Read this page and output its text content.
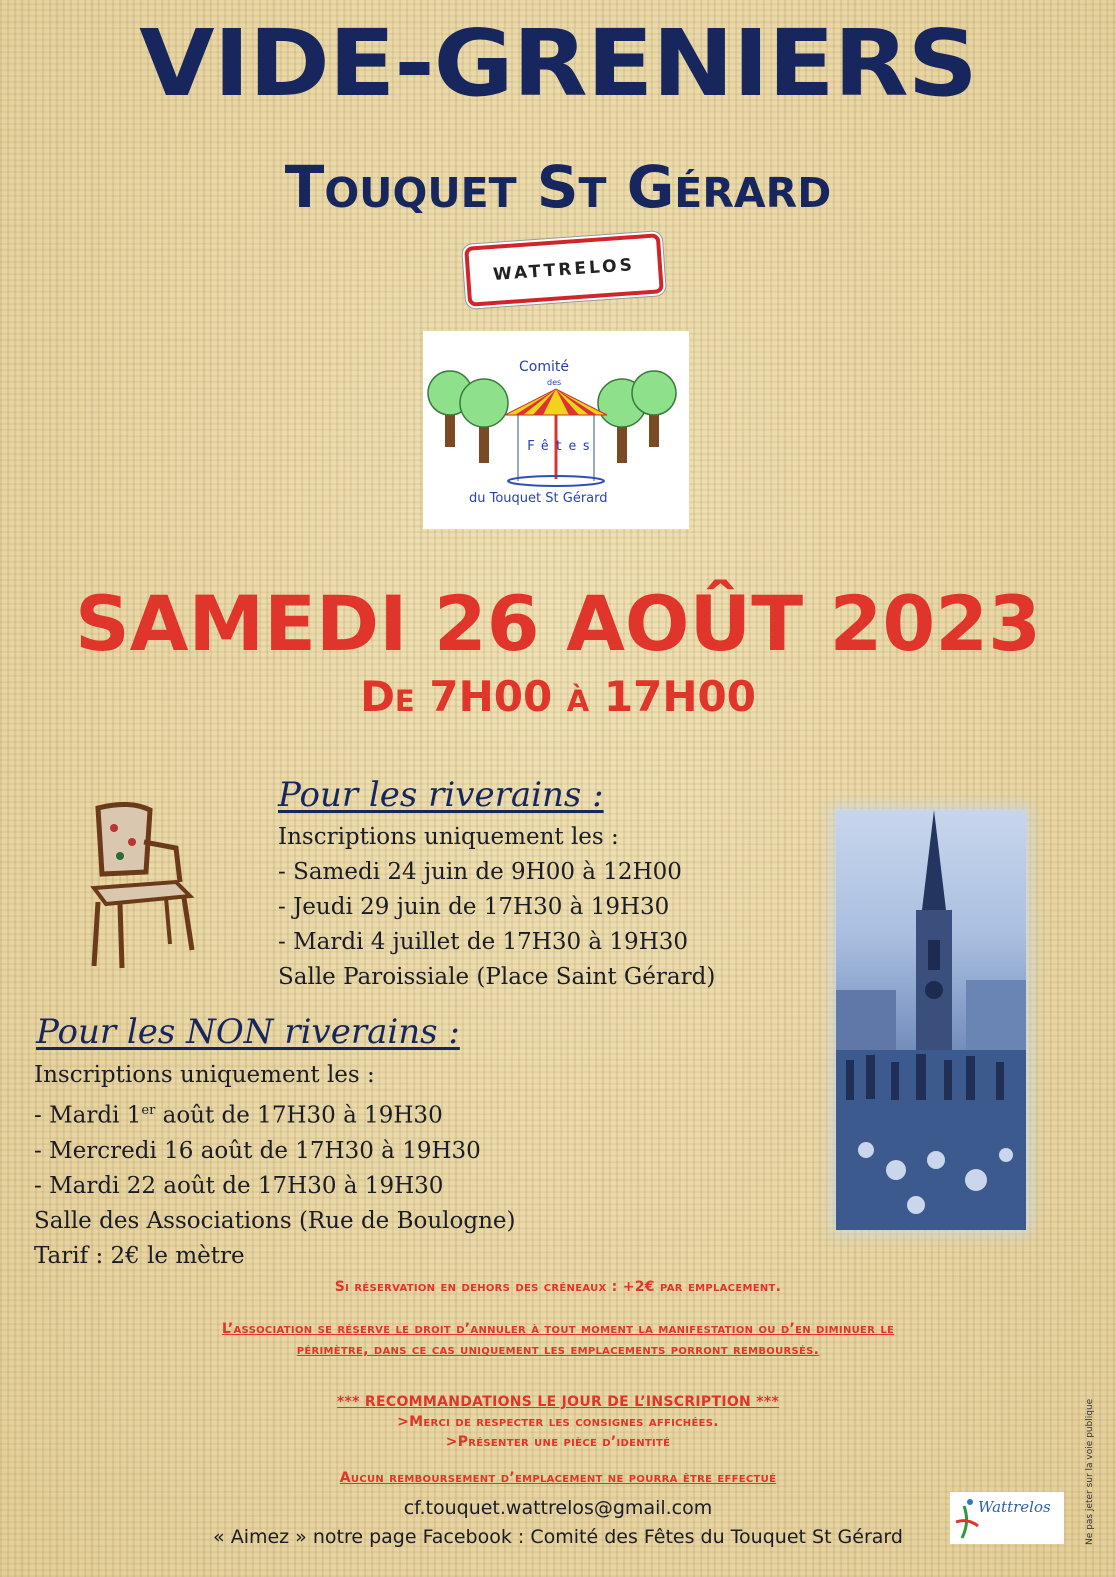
VIDE-GRENIERS
Touquet St Gérard
WATTRELOS
Comité
des
Fêtes
du Touquet St Gérard
SAMEDI 26 AOÛT 2023
De 7H00 à 17H00
Pour les riverains :
Inscriptions uniquement les :
- Samedi 24 juin de 9H00 à 12H00
- Jeudi 29 juin de 17H30 à 19H30
- Mardi 4 juillet de 17H30 à 19H30
Salle Paroissiale (Place Saint Gérard)
Pour les NON riverains :
Inscriptions uniquement les :
- Mardi 1er août de 17H30 à 19H30
- Mercredi 16 août de 17H30 à 19H30
- Mardi 22 août de 17H30 à 19H30
Salle des Associations (Rue de Boulogne)
Tarif : 2€ le mètre
Si réservation en dehors des créneaux : +2€ par emplacement.
L’association se réserve le droit d’annuler à tout moment la manifestation ou d’en diminuer le
périmètre, dans ce cas uniquement les emplacements porront remboursés.
*** RECOMMANDATIONS LE JOUR DE L’INSCRIPTION ***
>Merci de respecter les consignes affichées.
>Présenter une pièce d’identité
Aucun remboursement d’emplacement ne pourra être effectué
cf.touquet.wattrelos@gmail.com
« Aimez » notre page Facebook : Comité des Fêtes du Touquet St Gérard	Ne pas jeter sur la voie publique
Wattrelos
